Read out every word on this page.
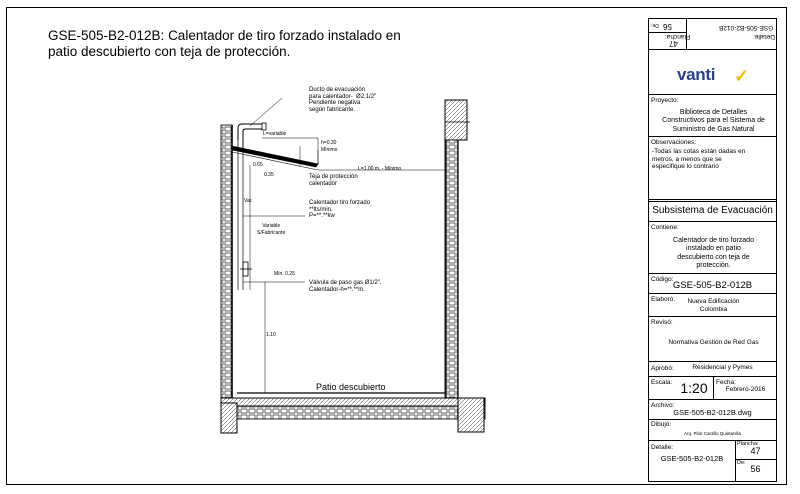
GSE-505-B2-012B: Calentador de tiro forzado instalado en patio descubierto con teja de protección.
Ducto de evacuación
para calentador-  Ø2.1/2"
Pendiente negativa
según fabricante.
L=variable
h=0.30
Mínimo
L=1.00 m. - Mínimo
0.65
0.35	Teja de protección
calentador
Var.	Calentador tiro forzado
**lts/min.
P=**.**kw
Variable
S/Fabricante
Mín. 0.25
Válvula de paso gas Ø1/2".
Calentador-h=**.**m.
1.10
Patio descubierto
Detalle:
GSE-505-B2-012B
Plancha:
47
De: 56
vanti ✓
Proyecto:
Biblioteca de Detalles
Constructivos para el Sistema de
Suministro de Gas Natural
Observaciones:
-Todas las cotas están dadas en
metros, a menos que se
especifique lo contrario
Subsistema de Evacuación
Contiene:
Calentador de tiro forzado
instalado en patio
descubierto con teja de
protección.
Código:
GSE-505-B2-012B
Elaboró:	Nueva Edificación
Colombia
Revisó:
Normativa Gestión de Red Gas
Aprobó:	Residencial y Pymes
Escala: 1:20	Fecha:
Febrero-2016
Archivo:
GSE-505-B2-012B.dwg
Dibujó:
Arq. Pilar Castillo Quintanilla
Detalle:
GSE-505-B2-012B
Plancha:
47
De:
56
